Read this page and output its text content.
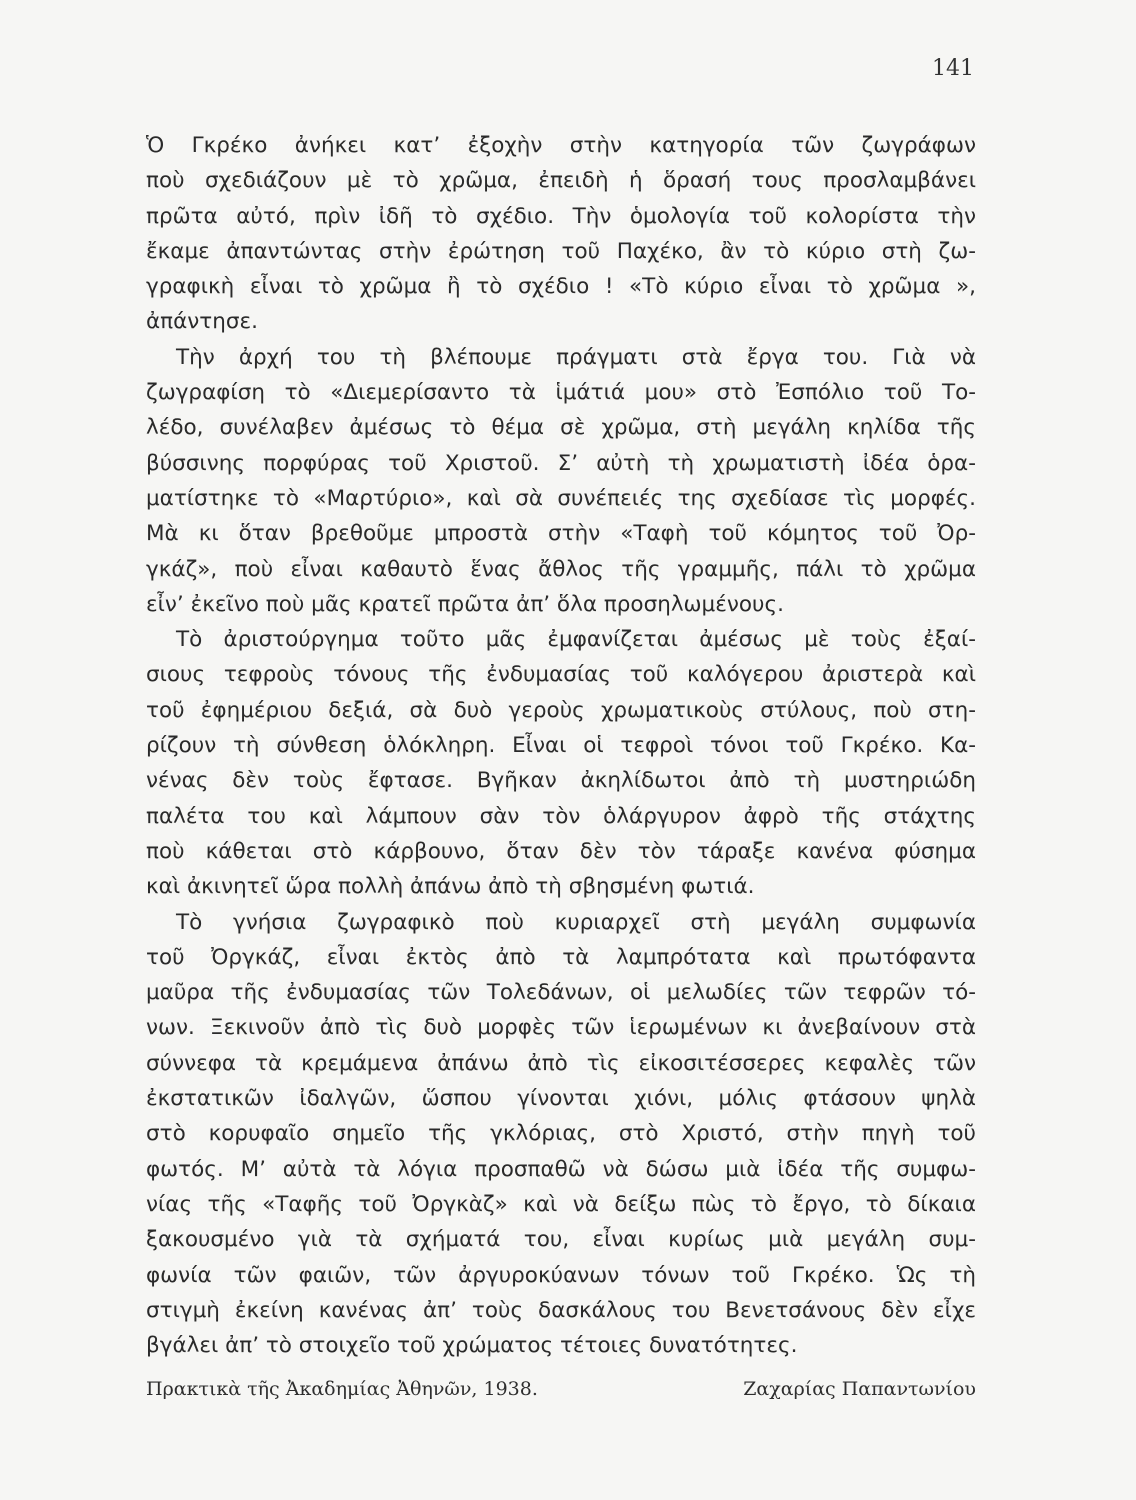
141
Ὁ Γκρέκο ἀνήκει κατ’ ἐξοχὴν στὴν κατηγορία τῶν ζωγράφων
ποὺ σχεδιάζουν μὲ τὸ χρῶμα, ἐπειδὴ ἡ ὅρασή τους προσλαμβάνει
πρῶτα αὐτό, πρὶν ἰδῆ τὸ σχέδιο. Τὴν ὁμολογία τοῦ κολορίστα τὴν
ἔκαμε ἀπαντώντας στὴν ἐρώτηση τοῦ Παχέκο, ἂν τὸ κύριο στὴ ζω-
γραφικὴ εἶναι τὸ χρῶμα ἢ τὸ σχέδιο ! «Τὸ κύριο εἶναι τὸ χρῶμα »,
ἀπάντησε.
Τὴν ἀρχή του τὴ βλέπουμε πράγματι στὰ ἔργα του. Γιὰ νὰ
ζωγραφίση τὸ «Διεμερίσαντο τὰ ἱμάτιά μου» στὸ Ἐσπόλιο τοῦ Το-
λέδο, συνέλαβεν ἀμέσως τὸ θέμα σὲ χρῶμα, στὴ μεγάλη κηλίδα τῆς
βύσσινης πορφύρας τοῦ Χριστοῦ. Σ’ αὐτὴ τὴ χρωματιστὴ ἰδέα ὁρα-
ματίστηκε τὸ «Μαρτύριο», καὶ σὰ συνέπειές της σχεδίασε τὶς μορφές.
Μὰ κι ὅταν βρεθοῦμε μπροστὰ στὴν «Ταφὴ τοῦ κόμητος τοῦ Ὀρ-
γκάζ», ποὺ εἶναι καθαυτὸ ἕνας ἄθλος τῆς γραμμῆς, πάλι τὸ χρῶμα
εἶν’ ἐκεῖνο ποὺ μᾶς κρατεῖ πρῶτα ἀπ’ ὅλα προσηλωμένους.
Τὸ ἀριστούργημα τοῦτο μᾶς ἐμφανίζεται ἀμέσως μὲ τοὺς ἐξαί-
σιους τεφροὺς τόνους τῆς ἐνδυμασίας τοῦ καλόγερου ἀριστερὰ καὶ
τοῦ ἐφημέριου δεξιά, σὰ δυὸ γεροὺς χρωματικοὺς στύλους, ποὺ στη-
ρίζουν τὴ σύνθεση ὁλόκληρη. Εἶναι οἱ τεφροὶ τόνοι τοῦ Γκρέκο. Κα-
νένας δὲν τοὺς ἔφτασε. Βγῆκαν ἀκηλίδωτοι ἀπὸ τὴ μυστηριώδη
παλέτα του καὶ λάμπουν σὰν τὸν ὁλάργυρον ἀφρὸ τῆς στάχτης
ποὺ κάθεται στὸ κάρβουνο, ὅταν δὲν τὸν τάραξε κανένα φύσημα
καὶ ἀκινητεῖ ὥρα πολλὴ ἀπάνω ἀπὸ τὴ σβησμένη φωτιά.
Τὸ γνήσια ζωγραφικὸ ποὺ κυριαρχεῖ στὴ μεγάλη συμφωνία
τοῦ Ὀργκάζ, εἶναι ἐκτὸς ἀπὸ τὰ λαμπρότατα καὶ πρωτόφαντα
μαῦρα τῆς ἐνδυμασίας τῶν Τολεδάνων, οἱ μελωδίες τῶν τεφρῶν τό-
νων. Ξεκινοῦν ἀπὸ τὶς δυὸ μορφὲς τῶν ἱερωμένων κι ἀνεβαίνουν στὰ
σύννεφα τὰ κρεμάμενα ἀπάνω ἀπὸ τὶς εἰκοσιτέσσερες κεφαλὲς τῶν
ἐκστατικῶν ἰδαλγῶν, ὥσπου γίνονται χιόνι, μόλις φτάσουν ψηλὰ
στὸ κορυφαῖο σημεῖο τῆς γκλόριας, στὸ Χριστό, στὴν πηγὴ τοῦ
φωτός. Μ’ αὐτὰ τὰ λόγια προσπαθῶ νὰ δώσω μιὰ ἰδέα τῆς συμφω-
νίας τῆς «Ταφῆς τοῦ Ὀργκὰζ» καὶ νὰ δείξω πὼς τὸ ἔργο, τὸ δίκαια
ξακουσμένο γιὰ τὰ σχήματά του, εἶναι κυρίως μιὰ μεγάλη συμ-
φωνία τῶν φαιῶν, τῶν ἀργυροκύανων τόνων τοῦ Γκρέκο. Ὡς τὴ
στιγμὴ ἐκείνη κανένας ἀπ’ τοὺς δασκάλους του Βενετσάνους δὲν εἶχε
βγάλει ἀπ’ τὸ στοιχεῖο τοῦ χρώματος τέτοιες δυνατότητες.
Πρακτικὰ τῆς Ἀκαδημίας Ἀθηνῶν, 1938.	Ζαχαρίας Παπαντωνίου
